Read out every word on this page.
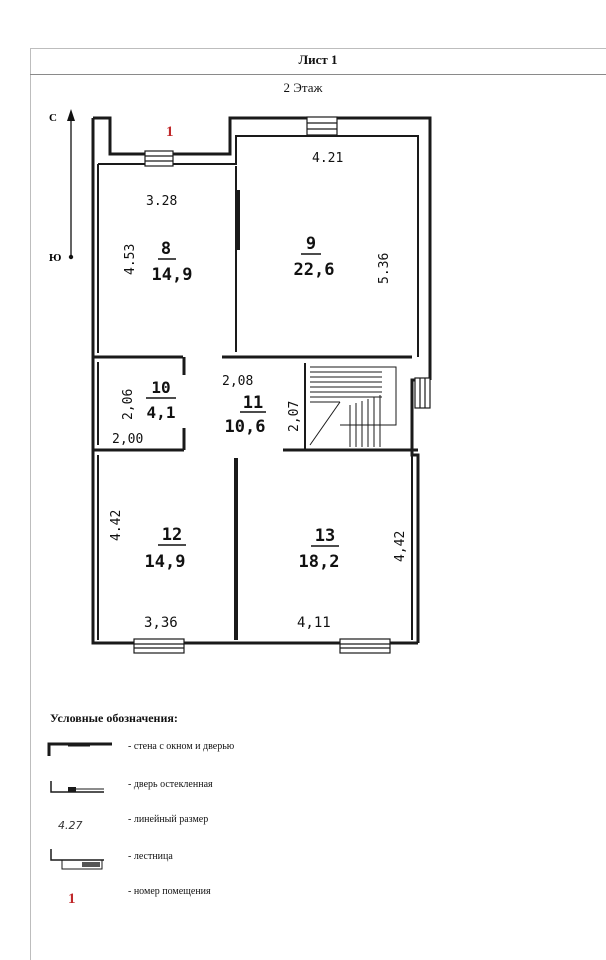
Лист 1
2 Этаж
С
Ю
1
3.28
4.53 8
14,9
4.21
5.36
9
22,6
10
4,1
2,06
2,00
2,08
2,07
11
10,6
4.42 12
14,9
3,36
4,42
13
18,2
4,11
Условные обозначения:
- стена с окном и дверью
- дверь остекленная
4.27	- линейный размер
- лестница
1	- номер помещения
